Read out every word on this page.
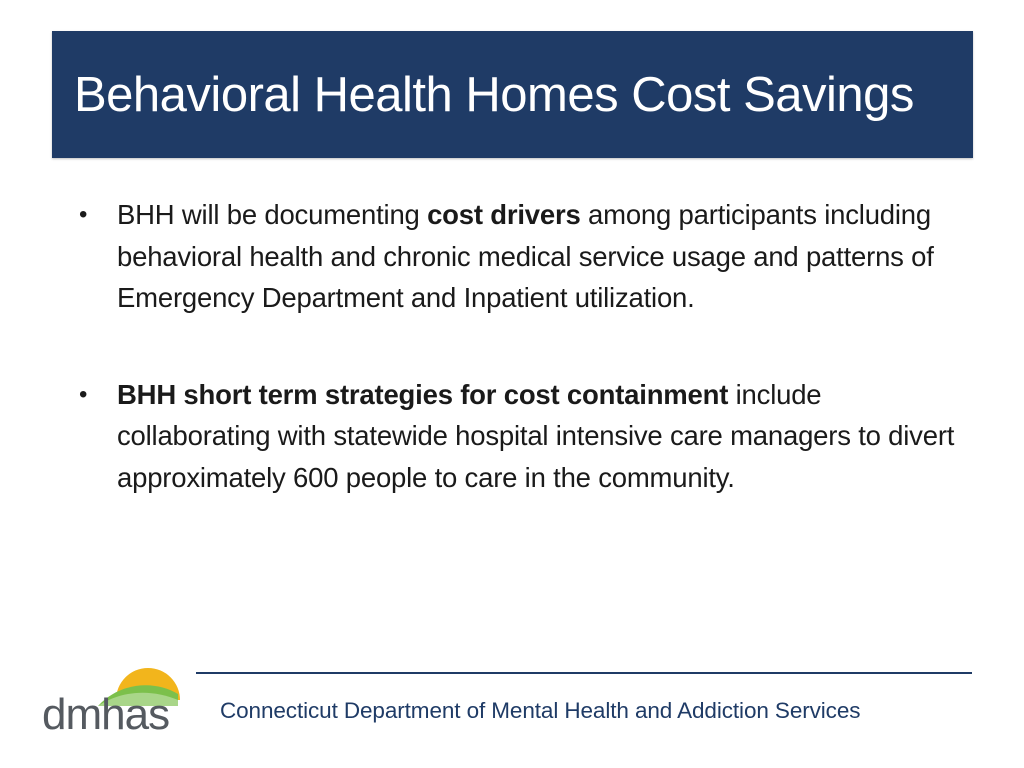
Behavioral Health Homes Cost Savings
• BHH will be documenting cost drivers among participants including behavioral health and chronic medical service usage and patterns of Emergency Department and Inpatient utilization.
• BHH short term strategies for cost containment include collaborating with statewide hospital intensive care managers to divert approximately 600 people to care in the community.
dmhas Connecticut Department of Mental Health and Addiction Services
